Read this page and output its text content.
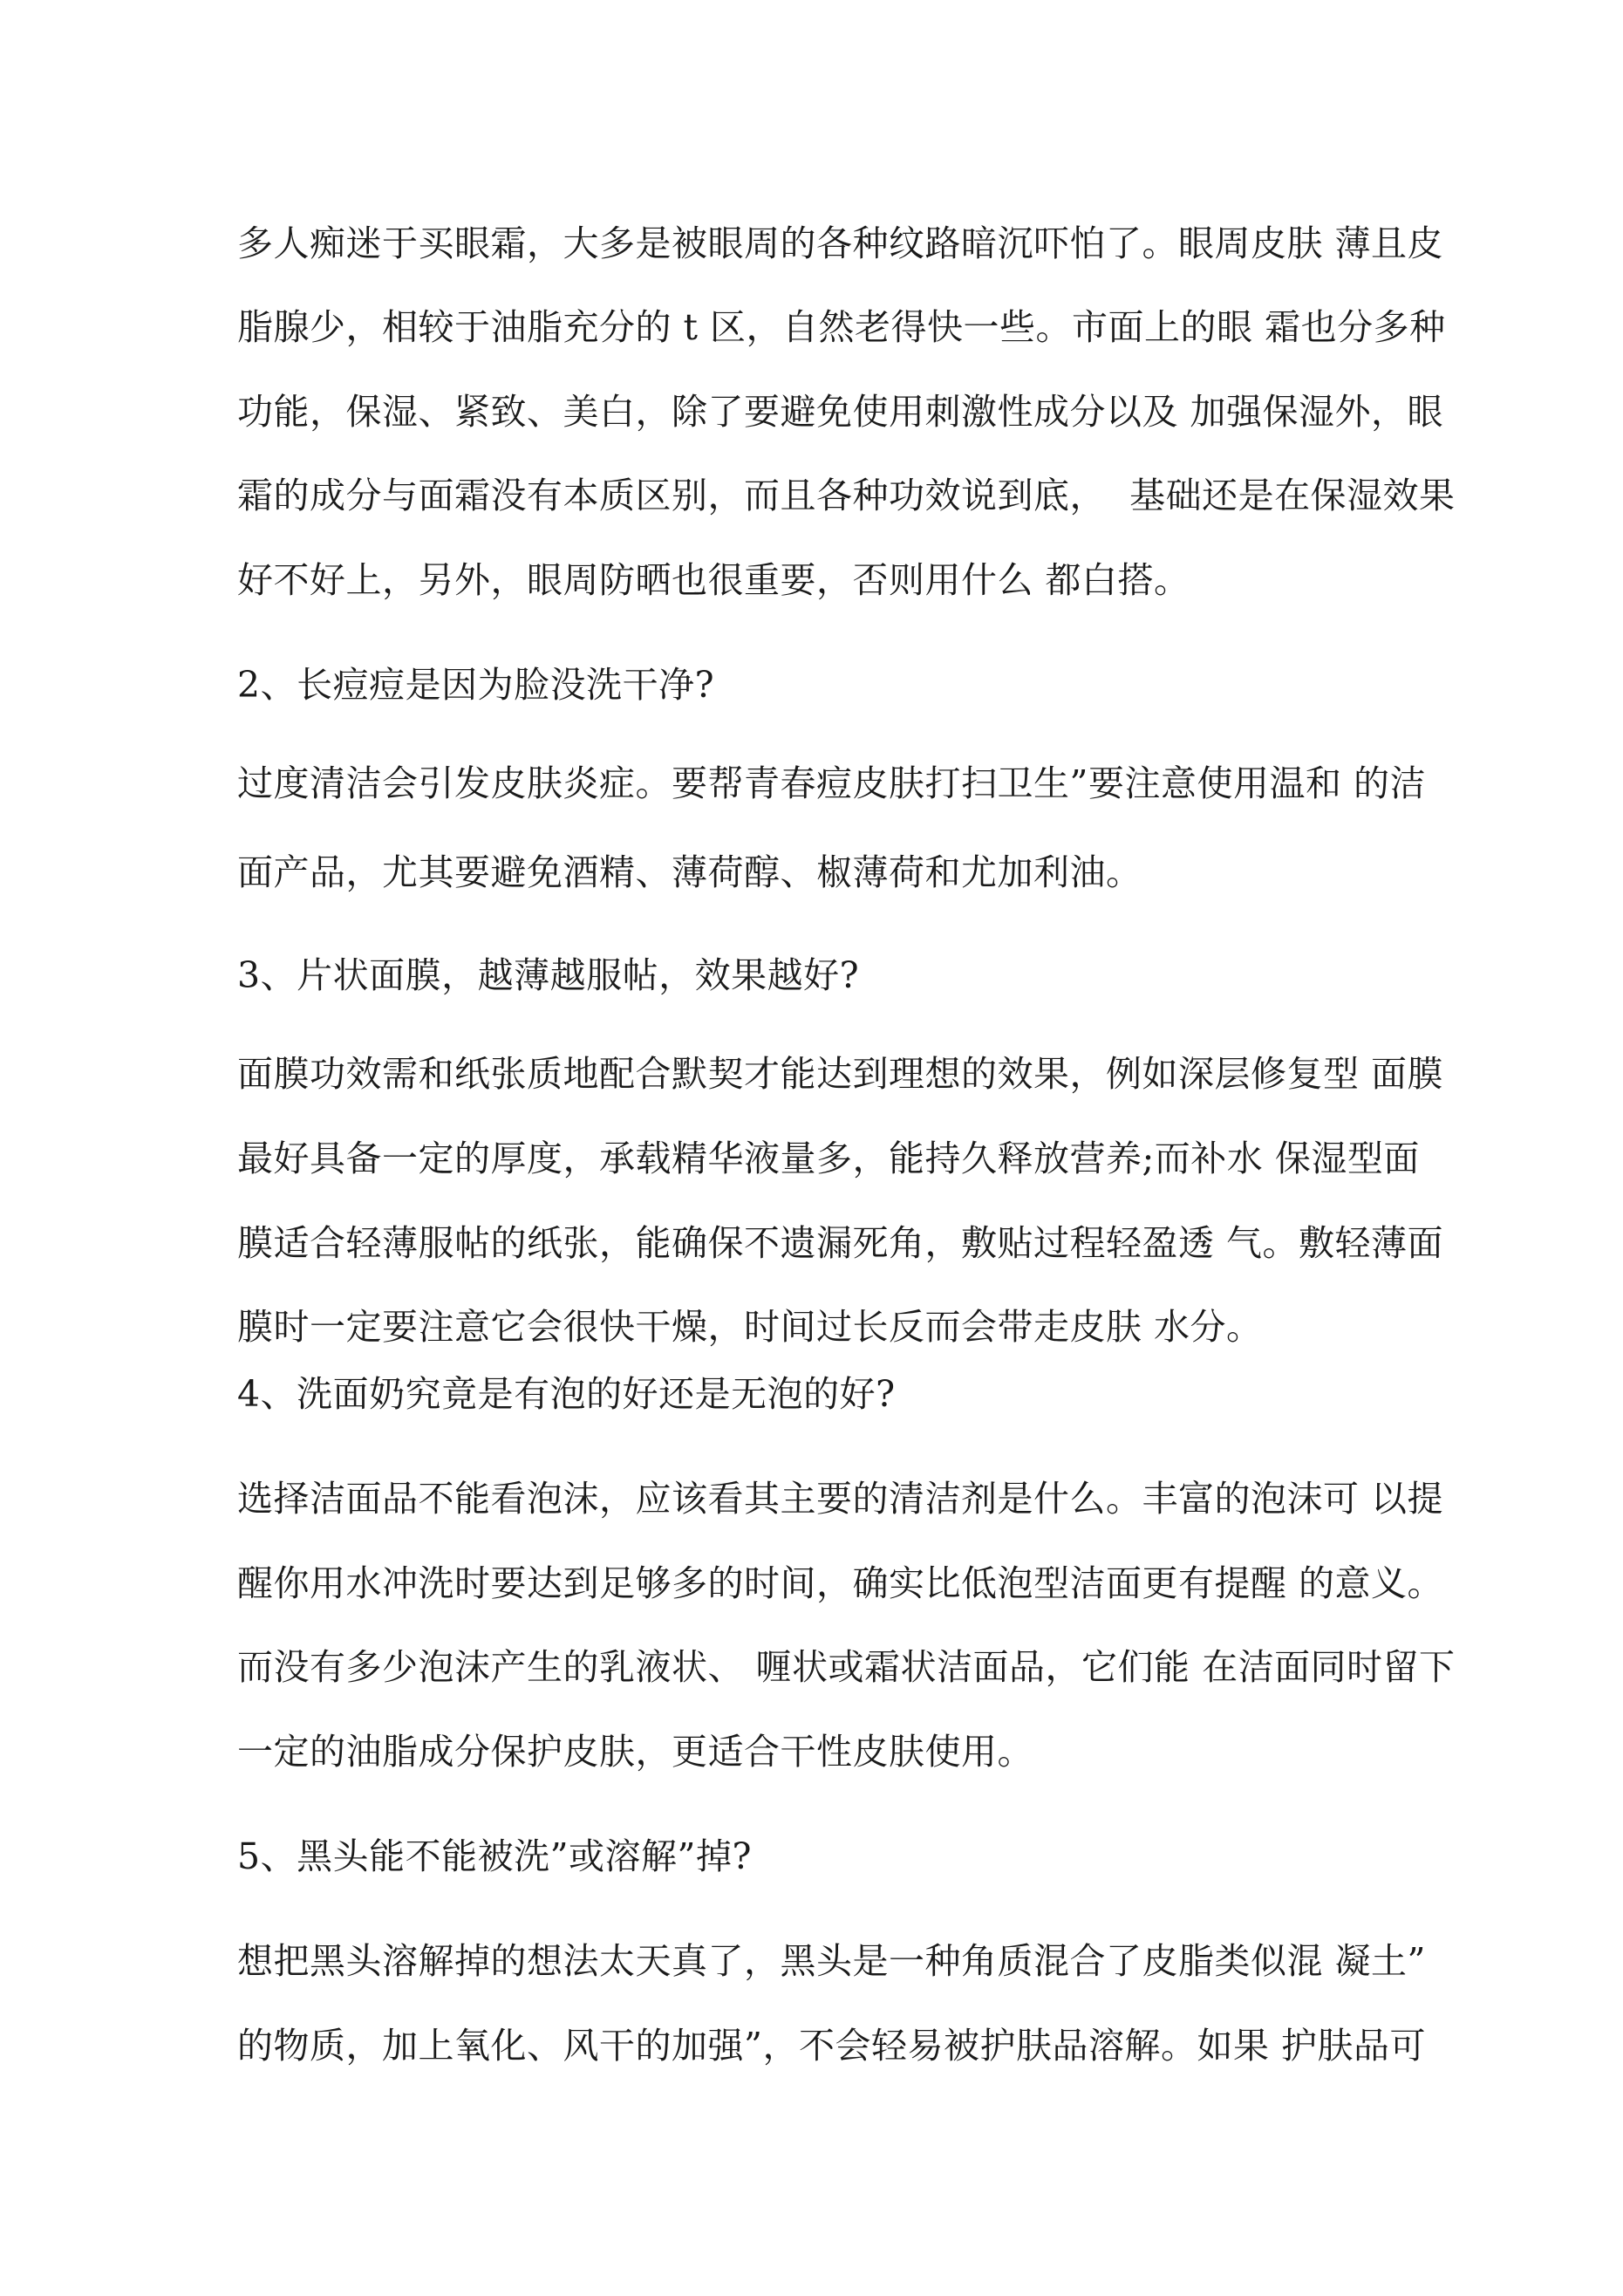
多人痴迷于买眼霜，大多是被眼周的各种纹路暗沉吓怕了。眼周皮肤 薄且皮

脂腺少，相较于油脂充分的 t 区，自然老得快一些。市面上的眼 霜也分多种

功能，保湿、紧致、美白，除了要避免使用刺激性成分以及 加强保湿外，眼

霜的成分与面霜没有本质区别，而且各种功效说到底，  基础还是在保湿效果

好不好上，另外，眼周防晒也很重要，否则用什么 都白搭。

2、长痘痘是因为脸没洗干净?

过度清洁会引发皮肤炎症。要帮青春痘皮肤打扫卫生”要注意使用温和 的洁

面产品，尤其要避免酒精、薄荷醇、椒薄荷和尤加利油。

3、片状面膜，越薄越服帖，效果越好?

面膜功效需和纸张质地配合默契才能达到理想的效果，例如深层修复型 面膜

最好具备一定的厚度，承载精华液量多，能持久释放营养;而补水 保湿型面

膜适合轻薄服帖的纸张，能确保不遗漏死角，敷贴过程轻盈透 气。敷轻薄面

膜时一定要注意它会很快干燥，时间过长反而会带走皮肤 水分。

4、洗面奶究竟是有泡的好还是无泡的好?

选择洁面品不能看泡沫，应该看其主要的清洁剂是什么。丰富的泡沫可 以提

醒你用水冲洗时要达到足够多的时间，确实比低泡型洁面更有提醒 的意义。

而没有多少泡沫产生的乳液状、 喱状或霜状洁面品，它们能 在洁面同时留下

一定的油脂成分保护皮肤，更适合干性皮肤使用。

5、黑头能不能被洗”或溶解”掉?

想把黑头溶解掉的想法太天真了，黑头是一种角质混合了皮脂类似混 凝土”

的物质，加上氧化、风干的加强”，不会轻易被护肤品溶解。如果 护肤品可
